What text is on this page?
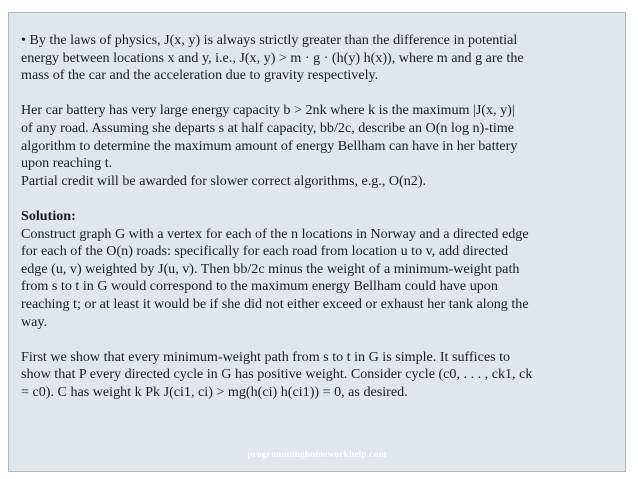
• By the laws of physics, J(x, y) is always strictly greater than the difference in potential

energy between locations x and y, i.e., J(x, y) > m · g · (h(y) h(x)), where m and g are the

mass of the car and the acceleration due to gravity respectively.

Her car battery has very large energy capacity b > 2nk where k is the maximum |J(x, y)|

of any road. Assuming she departs s at half capacity, bb/2c, describe an O(n log n)-time

algorithm to determine the maximum amount of energy Bellham can have in her battery

upon reaching t.

Partial credit will be awarded for slower correct algorithms, e.g., O(n2).

Solution:

Construct graph G with a vertex for each of the n locations in Norway and a directed edge

for each of the O(n) roads: specifically for each road from location u to v, add directed

edge (u, v) weighted by J(u, v). Then bb/2c minus the weight of a minimum-weight path

from s to t in G would correspond to the maximum energy Bellham could have upon

reaching t; or at least it would be if she did not either exceed or exhaust her tank along the

way.

First we show that every minimum-weight path from s to t in G is simple. It suffices to

show that P every directed cycle in G has positive weight. Consider cycle (c0, . . . , ck1, ck

= c0). C has weight k Pk J(ci1, ci) > mg(h(ci) h(ci1)) = 0, as desired.

programminghomeworkhelp.com
